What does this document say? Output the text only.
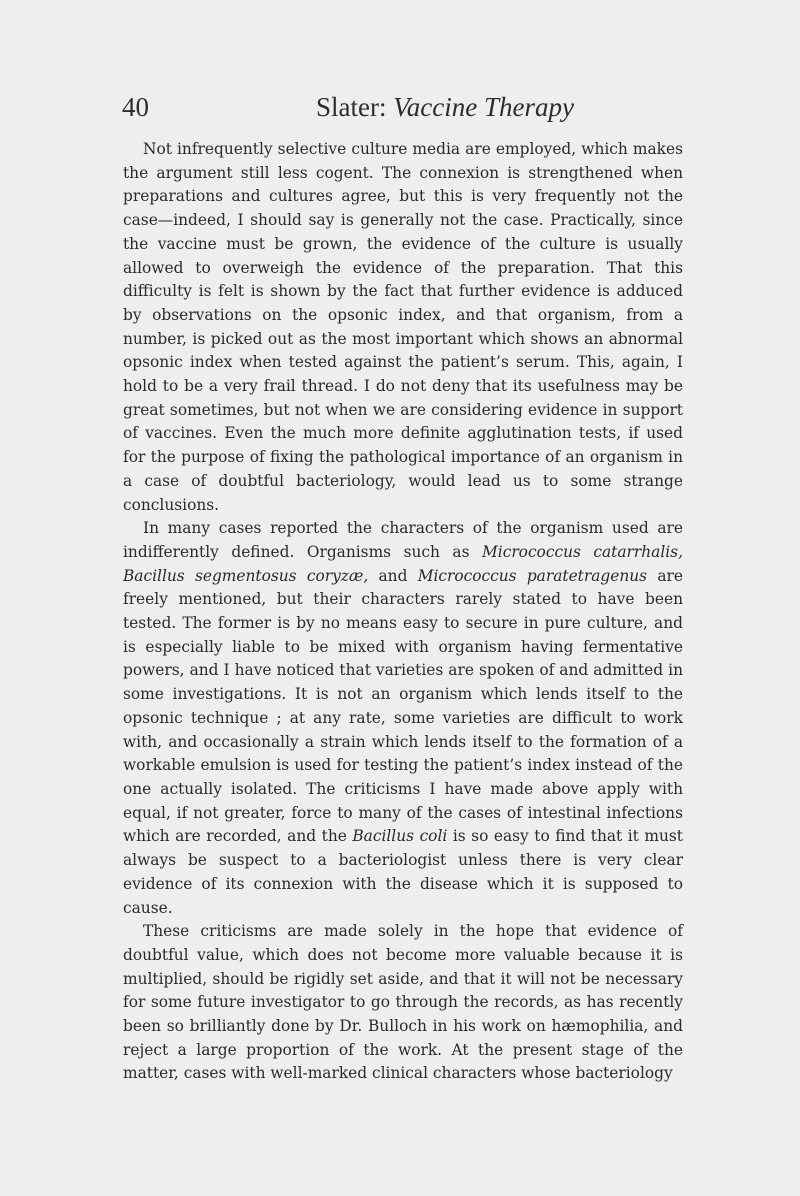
40	Slater: Vaccine Therapy

Not infrequently selective culture media are employed, which makes the argument still less cogent. The connexion is strengthened when preparations and cultures agree, but this is very frequently not the case—indeed, I should say is generally not the case. Practically, since the vaccine must be grown, the evidence of the culture is usually allowed to overweigh the evidence of the preparation. That this difficulty is felt is shown by the fact that further evidence is adduced by observations on the opsonic index, and that organism, from a number, is picked out as the most important which shows an abnormal opsonic index when tested against the patient’s serum. This, again, I hold to be a very frail thread. I do not deny that its usefulness may be great sometimes, but not when we are considering evidence in support of vaccines. Even the much more definite agglutination tests, if used for the purpose of fixing the pathological importance of an organism in a case of doubtful bacteriology, would lead us to some strange conclusions.

In many cases reported the characters of the organism used are indifferently defined. Organisms such as Micrococcus catarrhalis, Bacillus segmentosus coryzæ, and Micrococcus paratetragenus are freely mentioned, but their characters rarely stated to have been tested. The former is by no means easy to secure in pure culture, and is especially liable to be mixed with organism having fermentative powers, and I have noticed that varieties are spoken of and admitted in some investigations. It is not an organism which lends itself to the opsonic technique ; at any rate, some varieties are difficult to work with, and occasionally a strain which lends itself to the formation of a workable emulsion is used for testing the patient’s index instead of the one actually isolated. The criticisms I have made above apply with equal, if not greater, force to many of the cases of intestinal infections which are recorded, and the Bacillus coli is so easy to find that it must always be suspect to a bacteriologist unless there is very clear evidence of its connexion with the disease which it is supposed to cause.

These criticisms are made solely in the hope that evidence of doubtful value, which does not become more valuable because it is multiplied, should be rigidly set aside, and that it will not be necessary for some future investigator to go through the records, as has recently been so brilliantly done by Dr. Bulloch in his work on hæmophilia, and reject a large proportion of the work. At the present stage of the matter, cases with well-marked clinical characters whose bacteriology
